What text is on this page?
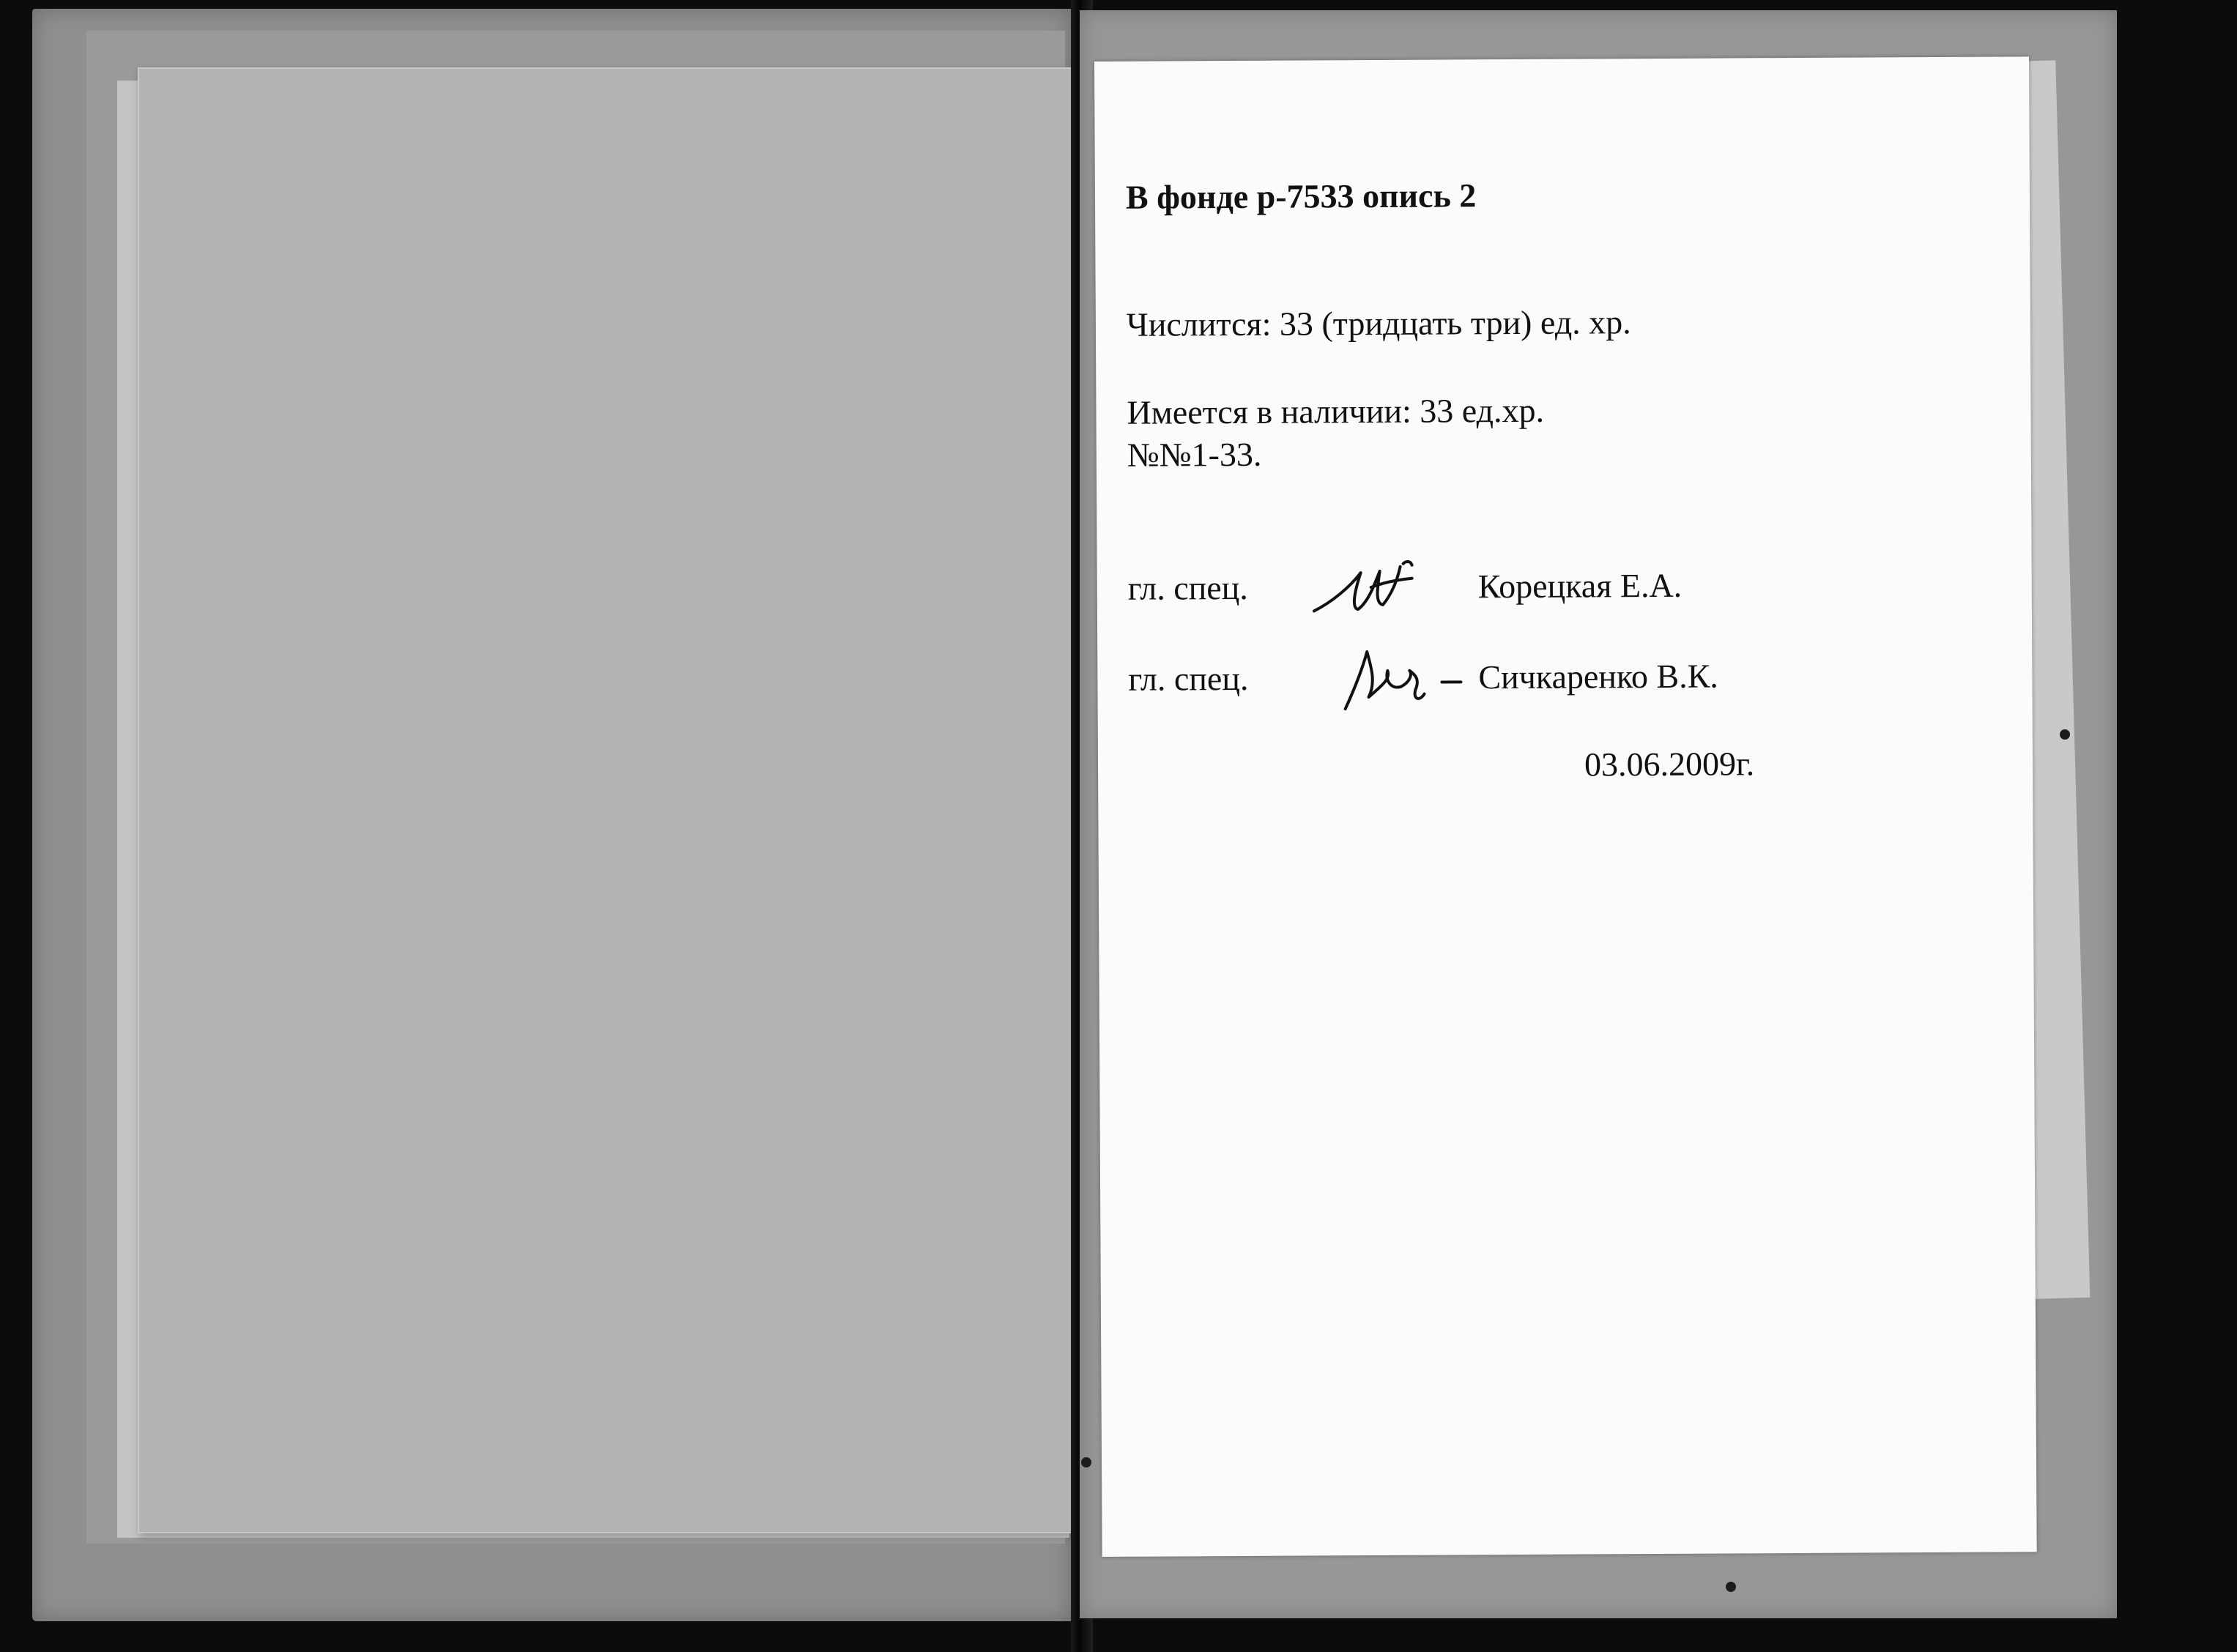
В фонде р-7533 опись 2
Числится: 33 (тридцать три) ед. хр.
Имеется в наличии: 33 ед.хр.
№№1-33.
гл. спец.	Корецкая Е.А.
гл. спец.	Сичкаренко В.К.
03.06.2009г.
